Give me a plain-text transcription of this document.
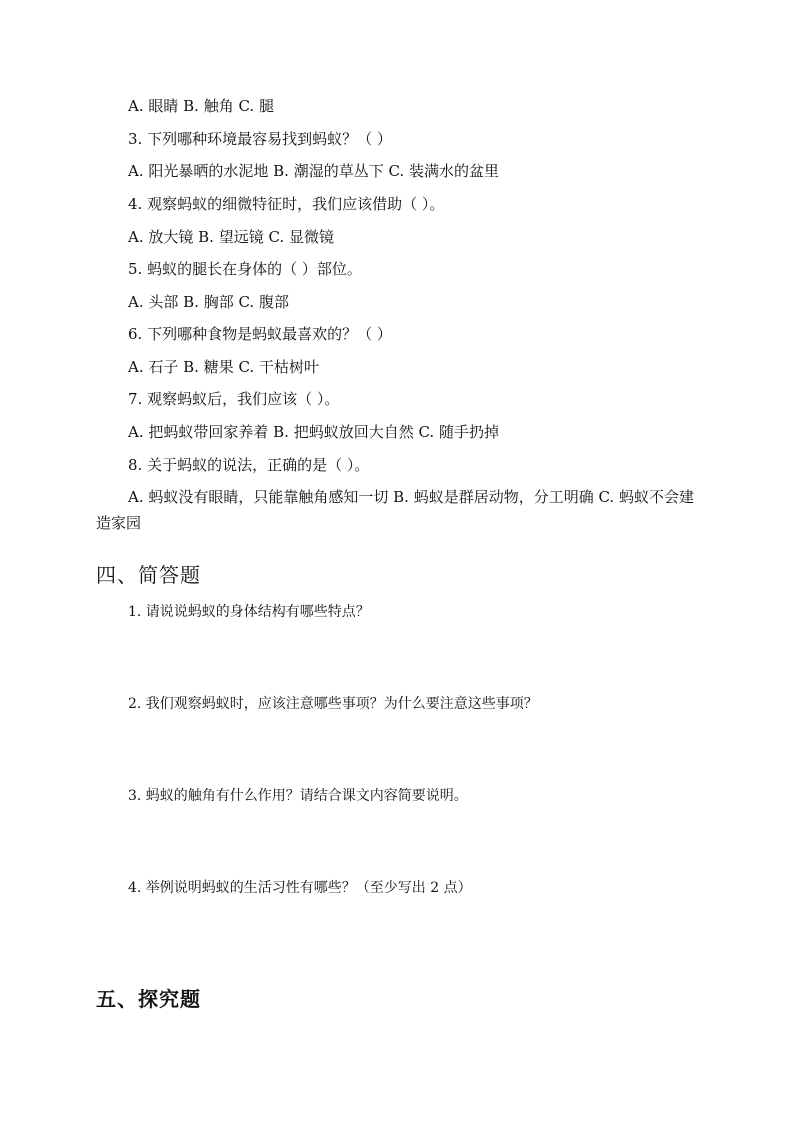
A. 眼睛 B. 触角 C. 腿
3. 下列哪种环境最容易找到蚂蚁？（ ）
A. 阳光暴晒的水泥地 B. 潮湿的草丛下 C. 装满水的盆里
4. 观察蚂蚁的细微特征时，我们应该借助（ ）。
A. 放大镜 B. 望远镜 C. 显微镜
5. 蚂蚁的腿长在身体的（ ）部位。
A. 头部 B. 胸部 C. 腹部
6. 下列哪种食物是蚂蚁最喜欢的？（ ）
A. 石子 B. 糖果 C. 干枯树叶
7. 观察蚂蚁后，我们应该（ ）。
A. 把蚂蚁带回家养着 B. 把蚂蚁放回大自然 C. 随手扔掉
8. 关于蚂蚁的说法，正确的是（ ）。
A. 蚂蚁没有眼睛，只能靠触角感知一切 B. 蚂蚁是群居动物，分工明确 C. 蚂蚁不会建造家园
四、简答题
1. 请说说蚂蚁的身体结构有哪些特点？
2. 我们观察蚂蚁时，应该注意哪些事项？为什么要注意这些事项？
3. 蚂蚁的触角有什么作用？请结合课文内容简要说明。
4. 举例说明蚂蚁的生活习性有哪些？（至少写出 2 点）
五、探究题
